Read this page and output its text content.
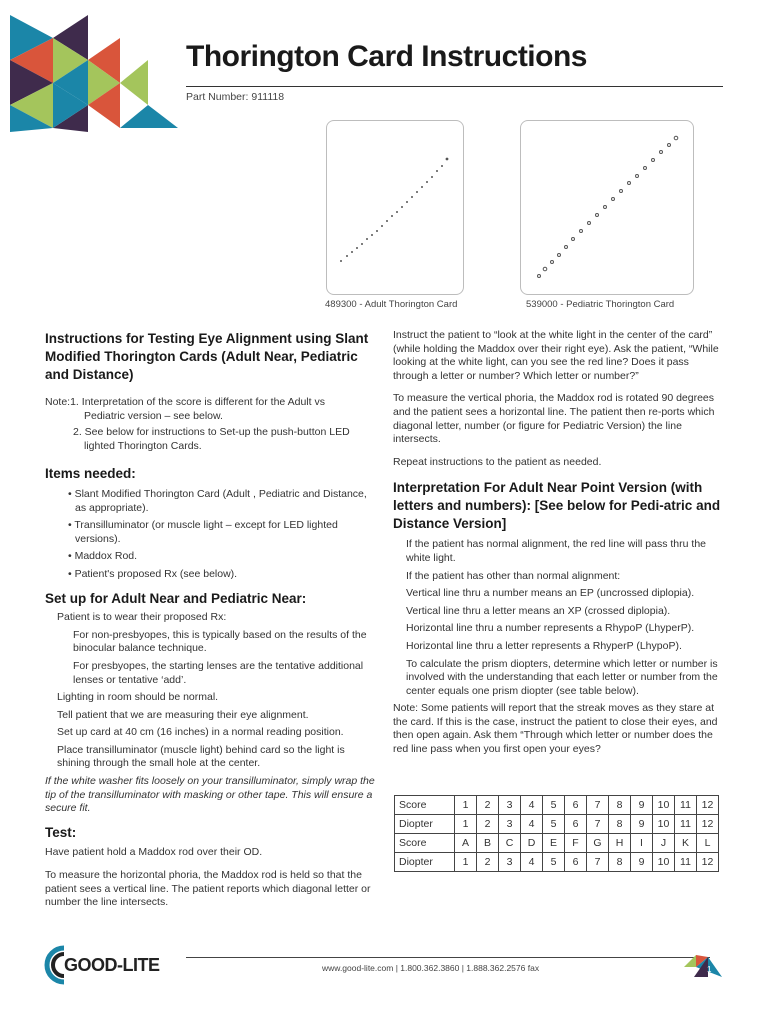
Thorington Card Instructions
Part Number: 911118
489300 - Adult Thorington Card	539000 - Pediatric Thorington Card
Instructions for Testing Eye Alignment using Slant Modified Thorington Cards (Adult Near, Pediatric and Distance)

Note:1. Interpretation of the score is different for the Adult vs

Pediatric version – see below.

2. See below for instructions to Set-up the push-button LED

lighted Thorington Cards.

Items needed:

• Slant Modified Thorington Card (Adult , Pediatric and Distance, as appropriate).

• Transilluminator (or muscle light – except for LED lighted versions).

• Maddox Rod.

• Patient's proposed Rx (see below).

Set up for Adult Near and Pediatric Near:

Patient is to wear their proposed Rx:

For non-presbyopes, this is typically based on the results of the binocular balance technique.

For presbyopes, the starting lenses are the tentative additional lenses or tentative ‘add’.

Lighting in room should be normal.

Tell patient that we are measuring their eye alignment.

Set up card at 40 cm (16 inches) in a normal reading position.

Place transilluminator (muscle light) behind card so the light is shining through the small hole at the center.

If the white washer fits loosely on your transilluminator, simply wrap the tip of the transilluminator with masking or other tape. This will ensure a secure fit.

Test:

Have patient hold a Maddox rod over their OD.

To measure the horizontal phoria, the Maddox rod is held so that the patient sees a vertical line. The patient reports which diagonal letter or number the line intersects.

Instruct the patient to “look at the white light in the center of the card” (while holding the Maddox over their right eye). Ask the patient, “While looking at the white light, can you see the red line? Does it pass through a letter or number? Which letter or number?”

To measure the vertical phoria, the Maddox rod is rotated 90 degrees and the patient sees a horizontal line. The patient then re-ports which diagonal letter, number (or figure for Pediatric Version) the line intersects.

Repeat instructions to the patient as needed.

Interpretation For Adult Near Point Version (with letters and numbers): [See below for Pedi-atric and Distance Version]

If the patient has normal alignment, the red line will pass thru the white light.

If the patient has other than normal alignment:

Vertical line thru a number means an EP (uncrossed diplopia).

Vertical line thru a letter means an XP (crossed diplopia).

Horizontal line thru a number represents a RhypoP (LhyperP).

Horizontal line thru a letter represents a RhyperP (LhypoP).

To calculate the prism diopters, determine which letter or number is involved with the understanding that each letter or number from the center equals one prism diopter (see table below).

Note: Some patients will report that the streak moves as they stare at the card. If this is the case, instruct the patient to close their eyes, and then open again. Ask them “Through which letter or number does the red line pass when you first open your eyes?

Score	1	2	3	4	5	6	7	8	9	10	11	12
Diopter	1	2	3	4	5	6	7	8	9	10	11	12
Score	A	B	C	D	E	F	G	H	I	J	K	L
Diopter	1	2	3	4	5	6	7	8	9	10	11	12
GOOD-LITE	www.good-lite.com | 1.800.362.3860 | 1.888.362.2576 fax	1
